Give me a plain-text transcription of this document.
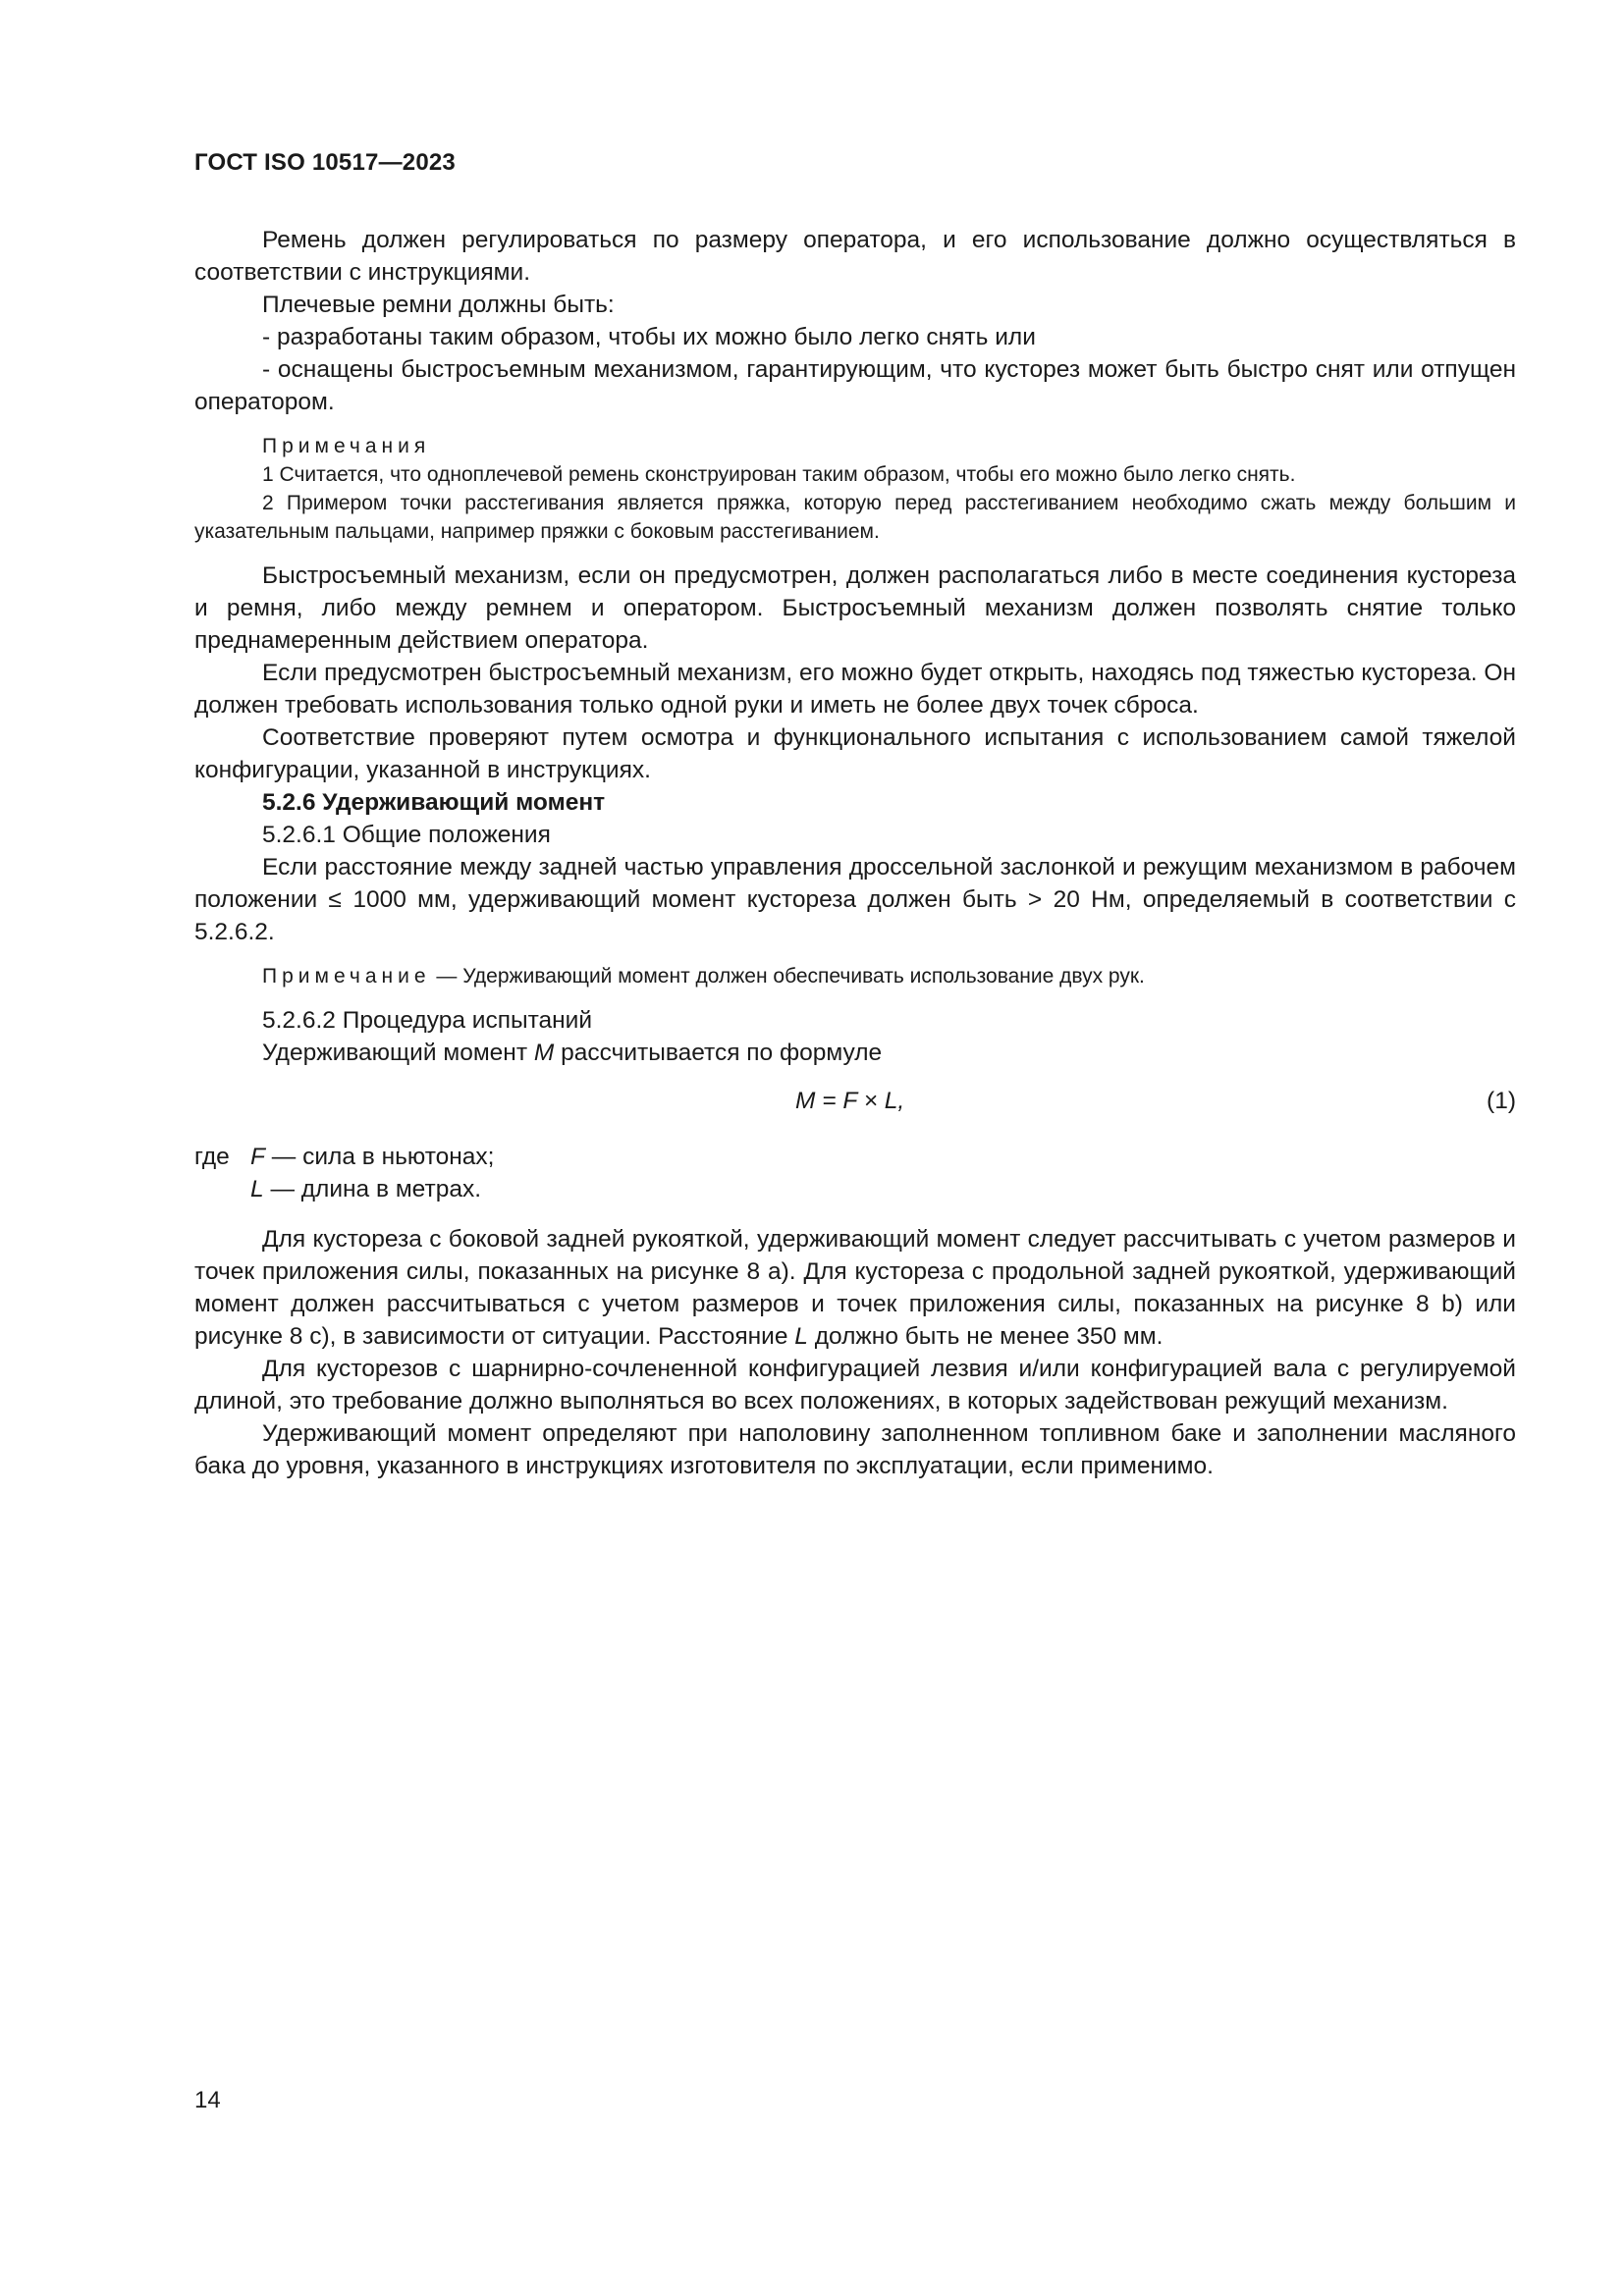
ГОСТ ISO 10517—2023

Ремень должен регулироваться по размеру оператора, и его использование должно осуществляться в соответствии с инструкциями.

Плечевые ремни должны быть:

- разработаны таким образом, чтобы их можно было легко снять или

- оснащены быстросъемным механизмом, гарантирующим, что кусторез может быть быстро снят или отпущен оператором.

Примечания

1 Считается, что одноплечевой ремень сконструирован таким образом, чтобы его можно было легко снять.

2 Примером точки расстегивания является пряжка, которую перед расстегиванием необходимо сжать между большим и указательным пальцами, например пряжки с боковым расстегиванием.

Быстросъемный механизм, если он предусмотрен, должен располагаться либо в месте соединения кустореза и ремня, либо между ремнем и оператором. Быстросъемный механизм должен позволять снятие только преднамеренным действием оператора.

Если предусмотрен быстросъемный механизм, его можно будет открыть, находясь под тяжестью кустореза. Он должен требовать использования только одной руки и иметь не более двух точек сброса.

Соответствие проверяют путем осмотра и функционального испытания с использованием самой тяжелой конфигурации, указанной в инструкциях.

5.2.6 Удерживающий момент

5.2.6.1 Общие положения

Если расстояние между задней частью управления дроссельной заслонкой и режущим механизмом в рабочем положении ≤ 1000 мм, удерживающий момент кустореза должен быть > 20 Нм, определяемый в соответствии с 5.2.6.2.

Примечание — Удерживающий момент должен обеспечивать использование двух рук.

5.2.6.2 Процедура испытаний

Удерживающий момент M рассчитывается по формуле

M = F × L,	(1)

где F — сила в ньютонах;

L — длина в метрах.

Для кустореза с боковой задней рукояткой, удерживающий момент следует рассчитывать с учетом размеров и точек приложения силы, показанных на рисунке 8 а). Для кустореза с продольной задней рукояткой, удерживающий момент должен рассчитываться с учетом размеров и точек приложения силы, показанных на рисунке 8 b) или рисунке 8 c), в зависимости от ситуации. Расстояние L должно быть не менее 350 мм.

Для кусторезов с шарнирно-сочлененной конфигурацией лезвия и/или конфигурацией вала с регулируемой длиной, это требование должно выполняться во всех положениях, в которых задействован режущий механизм.

Удерживающий момент определяют при наполовину заполненном топливном баке и заполнении масляного бака до уровня, указанного в инструкциях изготовителя по эксплуатации, если применимо.

14
